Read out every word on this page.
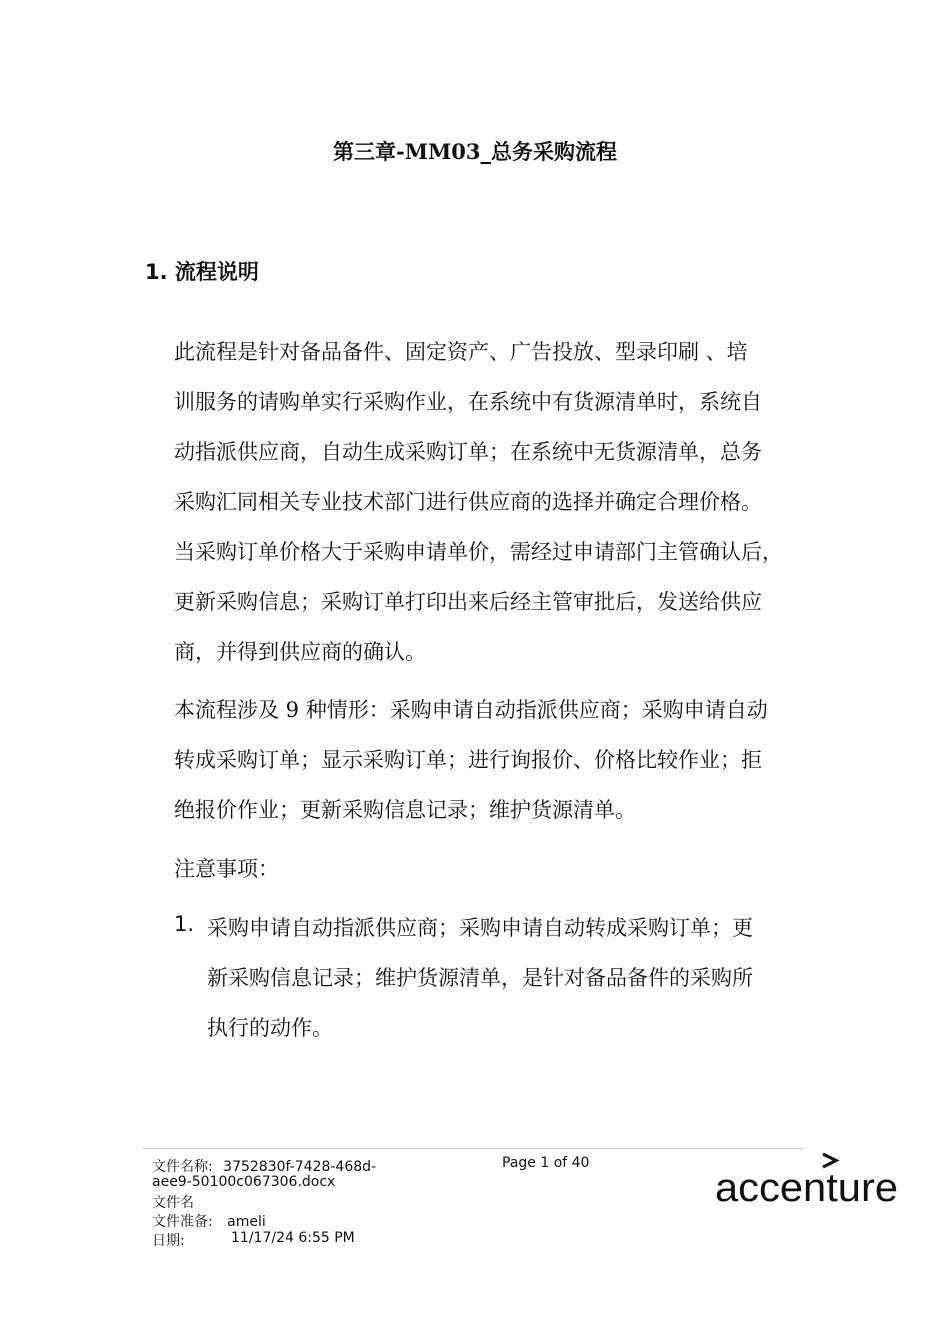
第三章-MM03_总务采购流程
1. 流程说明
此流程是针对备品备件、固定资产、广告投放、型录印刷 、培
训服务的请购单实行采购作业，在系统中有货源清单时，系统自
动指派供应商，自动生成采购订单；在系统中无货源清单，总务
采购汇同相关专业技术部门进行供应商的选择并确定合理价格。
当采购订单价格大于采购申请单价，需经过申请部门主管确认后，
更新采购信息；采购订单打印出来后经主管审批后，发送给供应
商，并得到供应商的确认。
本流程涉及 9 种情形：采购申请自动指派供应商；采购申请自动
转成采购订单；显示采购订单；进行询报价、价格比较作业；拒
绝报价作业；更新采购信息记录；维护货源清单。
注意事项：
1. 采购申请自动指派供应商；采购申请自动转成采购订单；更
新采购信息记录；维护货源清单，是针对备品备件的采购所
执行的动作。
文件名称: 3752830f-7428-468d-
aee9-50100c067306.docx
文件名
文件准备: ameli
日期:	11/17/24 6:55 PM
Page 1 of 40
accenture
